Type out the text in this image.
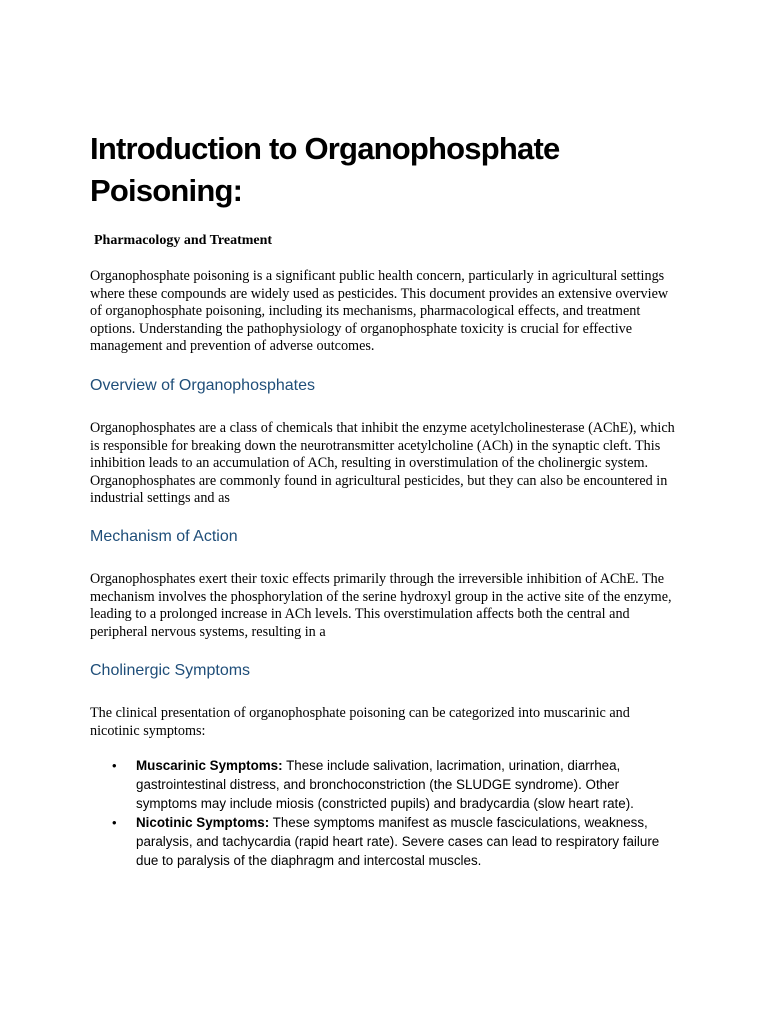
Introduction to Organophosphate Poisoning:

Pharmacology and Treatment

Organophosphate poisoning is a significant public health concern, particularly in agricultural settings where these compounds are widely used as pesticides. This document provides an extensive overview of organophosphate poisoning, including its mechanisms, pharmacological effects, and treatment options. Understanding the pathophysiology of organophosphate toxicity is crucial for effective management and prevention of adverse outcomes.

Overview of Organophosphates

Organophosphates are a class of chemicals that inhibit the enzyme acetylcholinesterase (AChE), which is responsible for breaking down the neurotransmitter acetylcholine (ACh) in the synaptic cleft. This inhibition leads to an accumulation of ACh, resulting in overstimulation of the cholinergic system. Organophosphates are commonly found in agricultural pesticides, but they can also be encountered in industrial settings and as

Mechanism of Action

Organophosphates exert their toxic effects primarily through the irreversible inhibition of AChE. The mechanism involves the phosphorylation of the serine hydroxyl group in the active site of the enzyme, leading to a prolonged increase in ACh levels. This overstimulation affects both the central and peripheral nervous systems, resulting in a

Cholinergic Symptoms

The clinical presentation of organophosphate poisoning can be categorized into muscarinic and nicotinic symptoms:

• Muscarinic Symptoms: These include salivation, lacrimation, urination, diarrhea, gastrointestinal distress, and bronchoconstriction (the SLUDGE syndrome). Other symptoms may include miosis (constricted pupils) and bradycardia (slow heart rate).
• Nicotinic Symptoms: These symptoms manifest as muscle fasciculations, weakness, paralysis, and tachycardia (rapid heart rate). Severe cases can lead to respiratory failure due to paralysis of the diaphragm and intercostal muscles.
